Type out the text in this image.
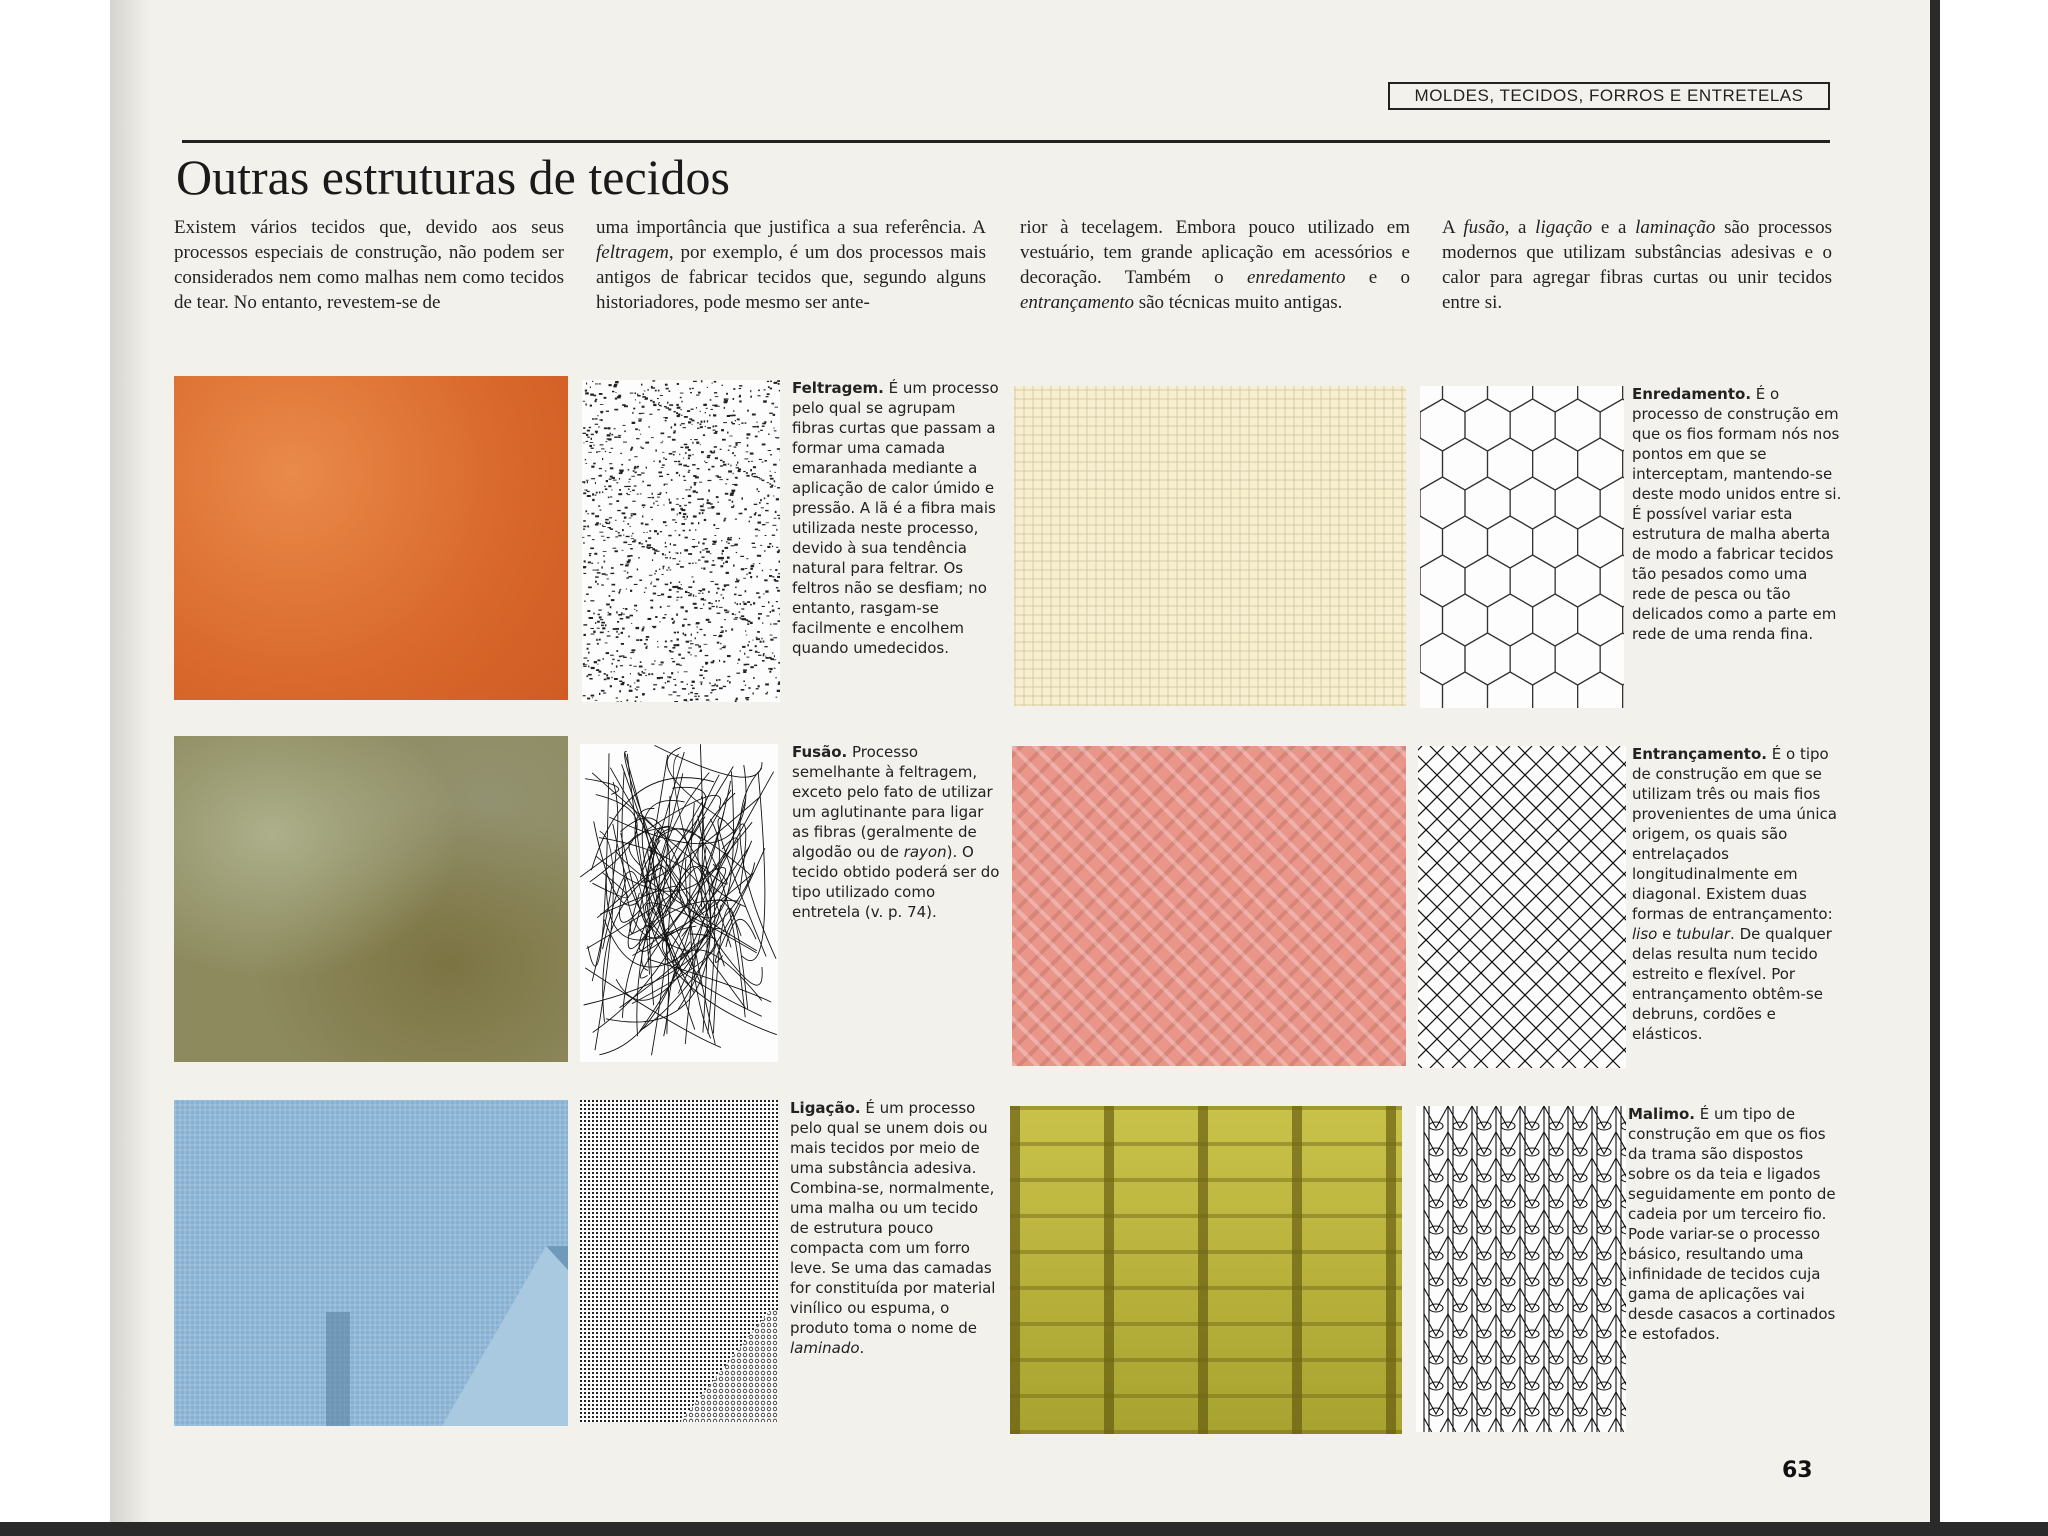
MOLDES, TECIDOS, FORROS E ENTRETELAS
Outras estruturas de tecidos

Existem vários tecidos que, devido aos seus processos especiais de construção, não podem ser considerados nem como malhas nem como tecidos de tear. No entanto, revestem-se de

uma importância que justifica a sua referência. A feltragem, por exemplo, é um dos processos mais antigos de fabricar tecidos que, segundo alguns historiadores, pode mesmo ser ante-

rior à tecelagem. Embora pouco utilizado em vestuário, tem grande aplicação em acessórios e decoração. Também o enredamento e o entrançamento são técnicas muito antigas.

A fusão, a ligação e a laminação são processos modernos que utilizam substâncias adesivas e o calor para agregar fibras curtas ou unir tecidos entre si.

Feltragem. É um processo pelo qual se agrupam fibras curtas que passam a formar uma camada emaranhada mediante a aplicação de calor úmido e pressão. A lã é a fibra mais utilizada neste processo, devido à sua tendência natural para feltrar. Os feltros não se desfiam; no entanto, rasgam-se facilmente e encolhem quando umedecidos.

Fusão. Processo semelhante à feltragem, exceto pelo fato de utilizar um aglutinante para ligar as fibras (geralmente de algodão ou de rayon). O tecido obtido poderá ser do tipo utilizado como entretela (v. p. 74).

Ligação. É um processo pelo qual se unem dois ou mais tecidos por meio de uma substância adesiva. Combina-se, normalmente, uma malha ou um tecido de estrutura pouco compacta com um forro leve. Se uma das camadas for constituída por material vinílico ou espuma, o produto toma o nome de laminado.

Enredamento. É o processo de construção em que os fios formam nós nos pontos em que se interceptam, mantendo-se deste modo unidos entre si. É possível variar esta estrutura de malha aberta de modo a fabricar tecidos tão pesados como uma rede de pesca ou tão delicados como a parte em rede de uma renda fina.

Entrançamento. É o tipo de construção em que se utilizam três ou mais fios provenientes de uma única origem, os quais são entrelaçados longitudinalmente em diagonal. Existem duas formas de entrançamento: liso e tubular. De qualquer delas resulta num tecido estreito e flexível. Por entrançamento obtêm-se debruns, cordões e elásticos.

Malimo. É um tipo de construção em que os fios da trama são dispostos sobre os da teia e ligados seguidamente em ponto de cadeia por um terceiro fio. Pode variar-se o processo básico, resultando uma infinidade de tecidos cuja gama de aplicações vai desde casacos a cortinados e estofados.

63
